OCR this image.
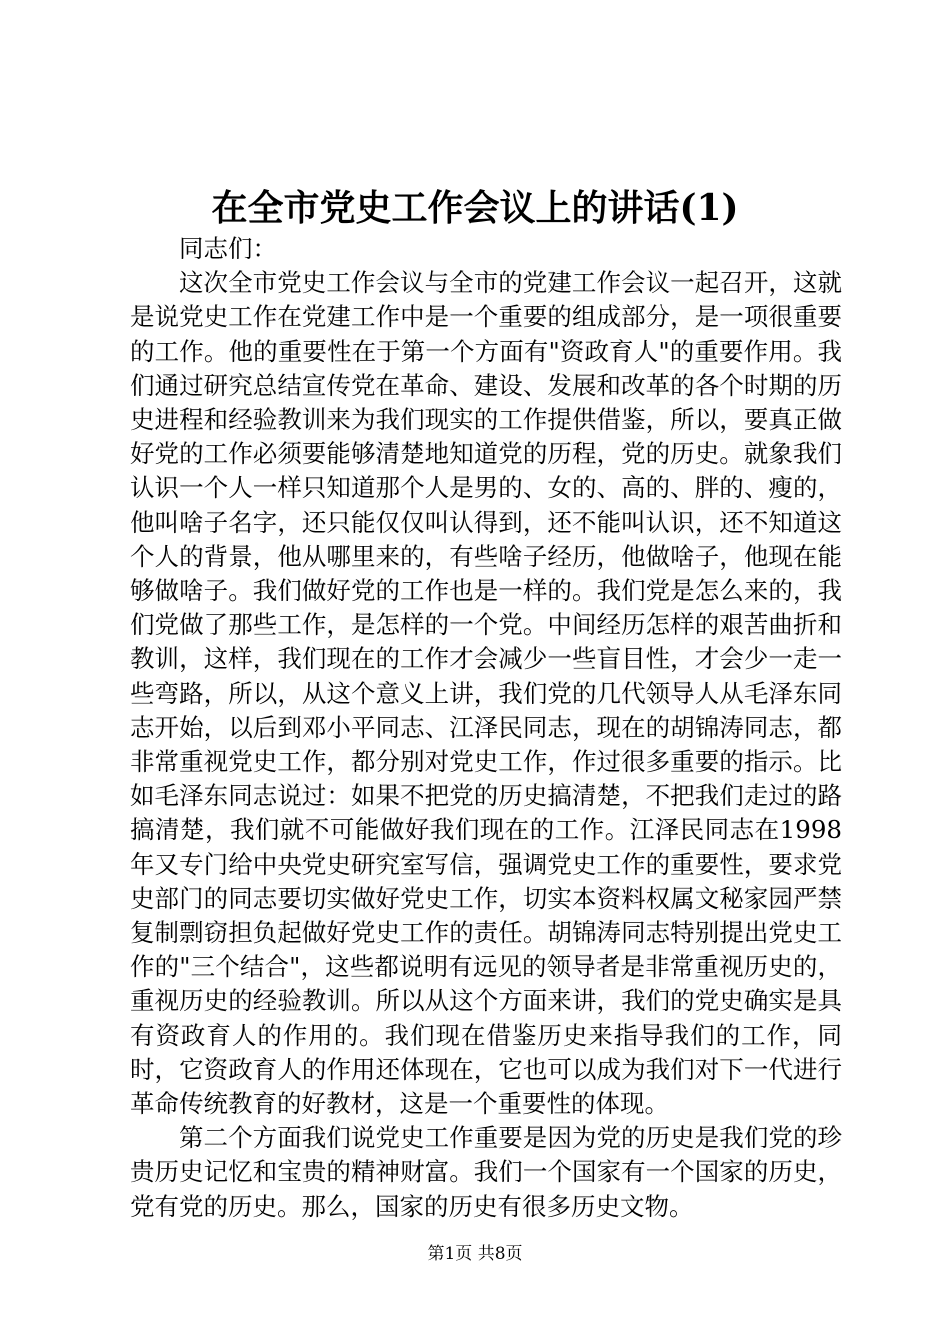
在全市党史工作会议上的讲话(1)

同志们：

这次全市党史工作会议与全市的党建工作会议一起召开，这就是说党史工作在党建工作中是一个重要的组成部分，是一项很重要的工作。他的重要性在于第一个方面有"资政育人"的重要作用。我们通过研究总结宣传党在革命、建设、发展和改革的各个时期的历史进程和经验教训来为我们现实的工作提供借鉴，所以，要真正做好党的工作必须要能够清楚地知道党的历程，党的历史。就象我们认识一个人一样只知道那个人是男的、女的、高的、胖的、瘦的，他叫啥子名字，还只能仅仅叫认得到，还不能叫认识，还不知道这个人的背景，他从哪里来的，有些啥子经历，他做啥子，他现在能够做啥子。我们做好党的工作也是一样的。我们党是怎么来的，我们党做了那些工作，是怎样的一个党。中间经历怎样的艰苦曲折和教训，这样，我们现在的工作才会减少一些盲目性，才会少一走一些弯路，所以，从这个意义上讲，我们党的几代领导人从毛泽东同志开始，以后到邓小平同志、江泽民同志，现在的胡锦涛同志，都非常重视党史工作，都分别对党史工作，作过很多重要的指示。比如毛泽东同志说过：如果不把党的历史搞清楚，不把我们走过的路搞清楚，我们就不可能做好我们现在的工作。江泽民同志在1998年又专门给中央党史研究室写信，强调党史工作的重要性，要求党史部门的同志要切实做好党史工作，切实本资料权属文秘家园严禁复制剽窃担负起做好党史工作的责任。胡锦涛同志特别提出党史工作的"三个结合"，这些都说明有远见的领导者是非常重视历史的，重视历史的经验教训。所以从这个方面来讲，我们的党史确实是具有资政育人的作用的。我们现在借鉴历史来指导我们的工作，同时，它资政育人的作用还体现在，它也可以成为我们对下一代进行革命传统教育的好教材，这是一个重要性的体现。

第二个方面我们说党史工作重要是因为党的历史是我们党的珍贵历史记忆和宝贵的精神财富。我们一个国家有一个国家的历史，党有党的历史。那么，国家的历史有很多历史文物。

第1页 共8页
